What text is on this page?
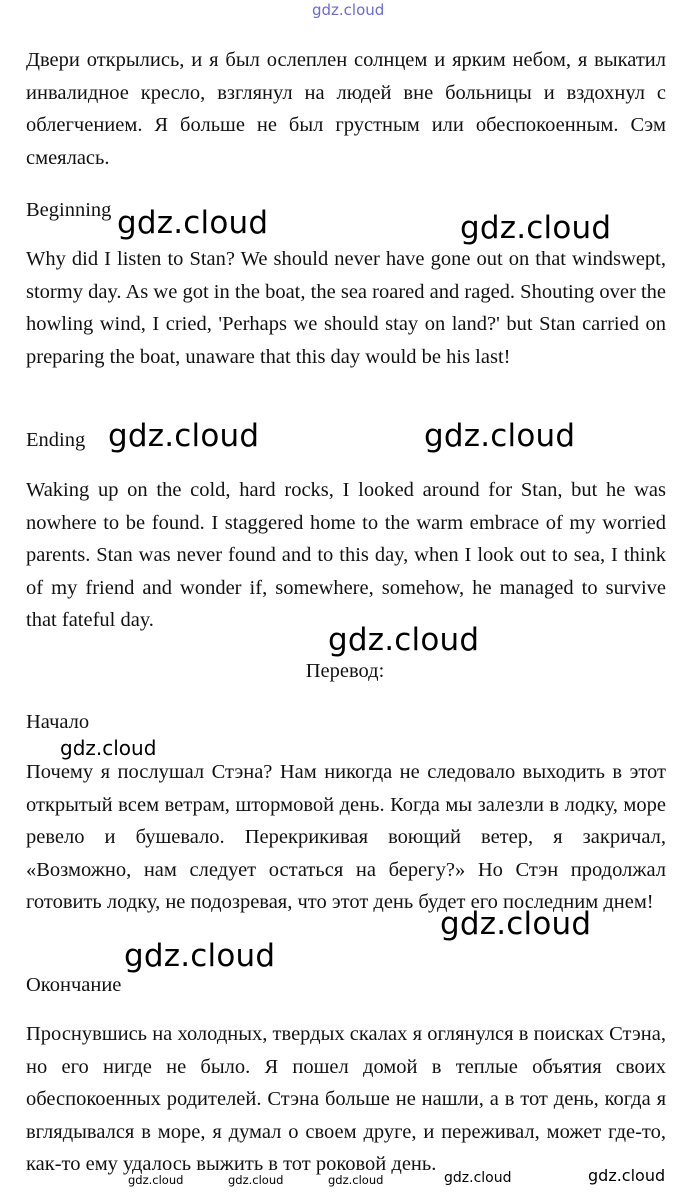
gdz.cloud

Двери открылись, и я был ослеплен солнцем и ярким небом, я выкатил инвалидное кресло, взглянул на людей вне больницы и вздохнул с облегчением. Я больше не был грустным или обеспокоенным. Сэм смеялась.

Beginning

Why did I listen to Stan? We should never have gone out on that windswept, stormy day. As we got in the boat, the sea roared and raged. Shouting over the howling wind, I cried, 'Perhaps we should stay on land?' but Stan carried on preparing the boat, unaware that this day would be his last!

Ending

Waking up on the cold, hard rocks, I looked around for Stan, but he was nowhere to be found. I staggered home to the warm embrace of my worried parents. Stan was never found and to this day, when I look out to sea, I think of my friend and wonder if, somewhere, somehow, he managed to survive that fateful day.

Перевод:
Начало

Почему я послушал Стэна? Нам никогда не следовало выходить в этот открытый всем ветрам, штормовой день. Когда мы залезли в лодку, море ревело и бушевало. Перекрикивая воющий ветер, я закричал, «Возможно, нам следует остаться на берегу?» Но Стэн продолжал готовить лодку, не подозревая, что этот день будет его последним днем!

Окончание

Проснувшись на холодных, твердых скалах я оглянулся в поисках Стэна, но его нигде не было. Я пошел домой в теплые объятия своих обеспокоенных родителей. Стэна больше не нашли, а в тот день, когда я вглядывался в море, я думал о своем друге, и переживал, может где-то, как-то ему удалось выжить в тот роковой день.

gdz.cloud	gdz.cloud
gdz.cloud	gdz.cloud
gdz.cloud
gdz.cloud
gdz.cloud
gdz.cloud
gdz.cloud	gdz.cloud	gdz.cloud	gdz.cloud	gdz.cloud
